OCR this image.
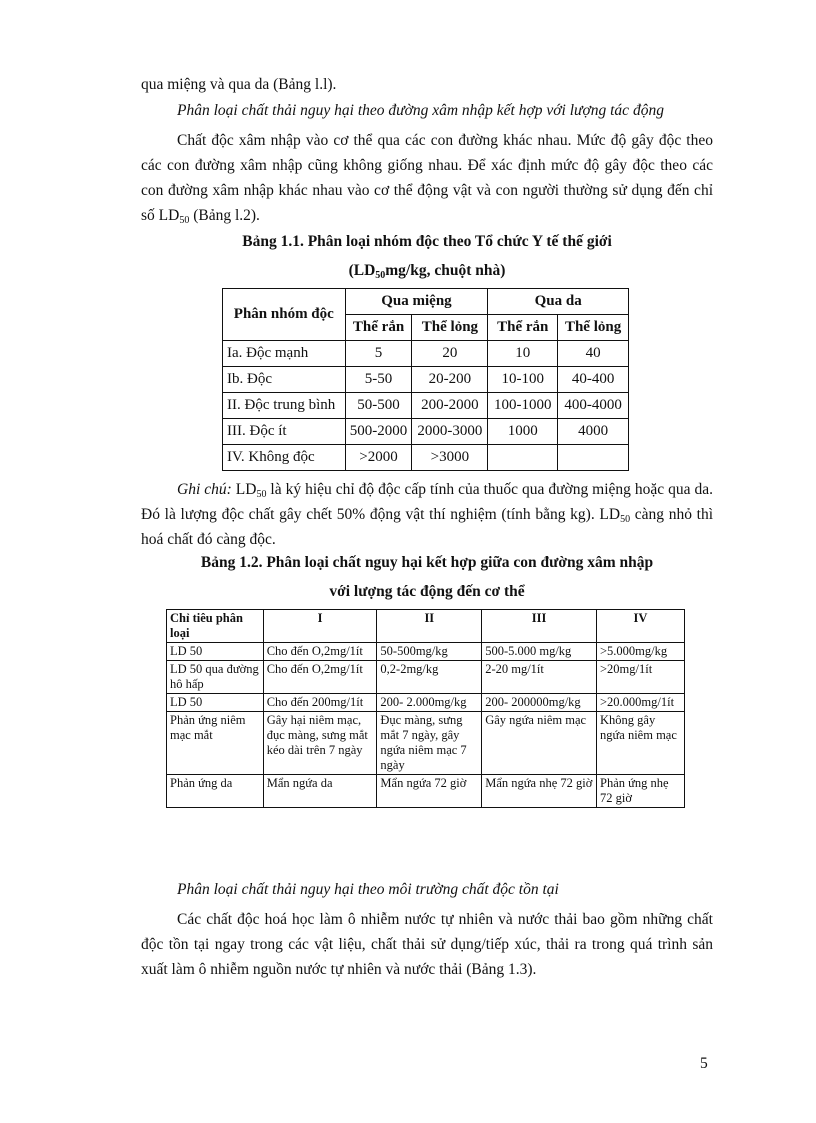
qua miệng và qua da (Bảng l.l).

Phân loại chất thải nguy hại theo đường xâm nhập kết hợp với lượng tác động

Chất độc xâm nhập vào cơ thể qua các con đường khác nhau. Mức độ gây độc theo các con đường xâm nhập cũng không giống nhau. Để xác định mức độ gây độc theo các con đường xâm nhập khác nhau vào cơ thể động vật và con người thường sử dụng đến chỉ số $LD_{50}$ (Bảng l.2).

Bảng 1.1. Phân loại nhóm độc theo Tổ chức Y tế thế giới

($LD_{50}mg/kg$, chuột nhà)

Phân nhóm độc	Qua miệng		Qua da	
	Thể rắn	Thể lỏng	Thể rắn	Thể lỏng
Ia. Độc mạnh	5	20	10	40
Ib. Độc	5-50	20-200	10-100	40-400
II. Độc trung bình	50-500	200-2000	100-1000	400-4000
III. Độc ít	500-2000	2000-3000	1000	4000
IV. Không độc	>2000	>3000		

Ghi chú: $LD_{50}$ là ký hiệu chỉ độ độc cấp tính của thuốc qua đường miệng hoặc qua da. Đó là lượng độc chất gây chết 50% động vật thí nghiệm (tính bằng kg). $LD_{50}$ càng nhỏ thì hoá chất đó càng độc.

Bảng 1.2. Phân loại chất nguy hại kết hợp giữa con đường xâm nhập

với lượng tác động đến cơ thể

Chỉ tiêu phân loại	I	II	III	IV
LD 50	Cho đến O,2mg/1ít	50-500mg/kg	500-5.000 mg/kg	>5.000mg/kg
LD 50 qua đường hô hấp	Cho đến O,2mg/1ít	0,2-2mg/kg	2-20 mg/1ít	>20mg/1ít
LD 50	Cho đến 200mg/1ít	200- 2.000mg/kg	200- 200000mg/kg	>20.000mg/1ít
Phản ứng niêm mạc mắt	Gây hại niêm mạc, đục màng, sưng mắt kéo dài trên 7 ngày	Đục màng, sưng mắt 7 ngày, gây ngứa niêm mạc 7 ngày	Gây ngứa niêm mạc	Không gây ngứa niêm mạc
Phản ứng da	Mẩn ngứa da	Mẩn ngứa 72 giờ	Mẩn ngứa nhẹ 72 giờ	Phản ứng nhẹ 72 giờ

Phân loại chất thải nguy hại theo môi trường chất độc tồn tại

Các chất độc hoá học làm ô nhiễm nước tự nhiên và nước thải bao gồm những chất độc tồn tại ngay trong các vật liệu, chất thải sử dụng/tiếp xúc, thải ra trong quá trình sản xuất làm ô nhiễm nguồn nước tự nhiên và nước thải (Bảng 1.3).

5
